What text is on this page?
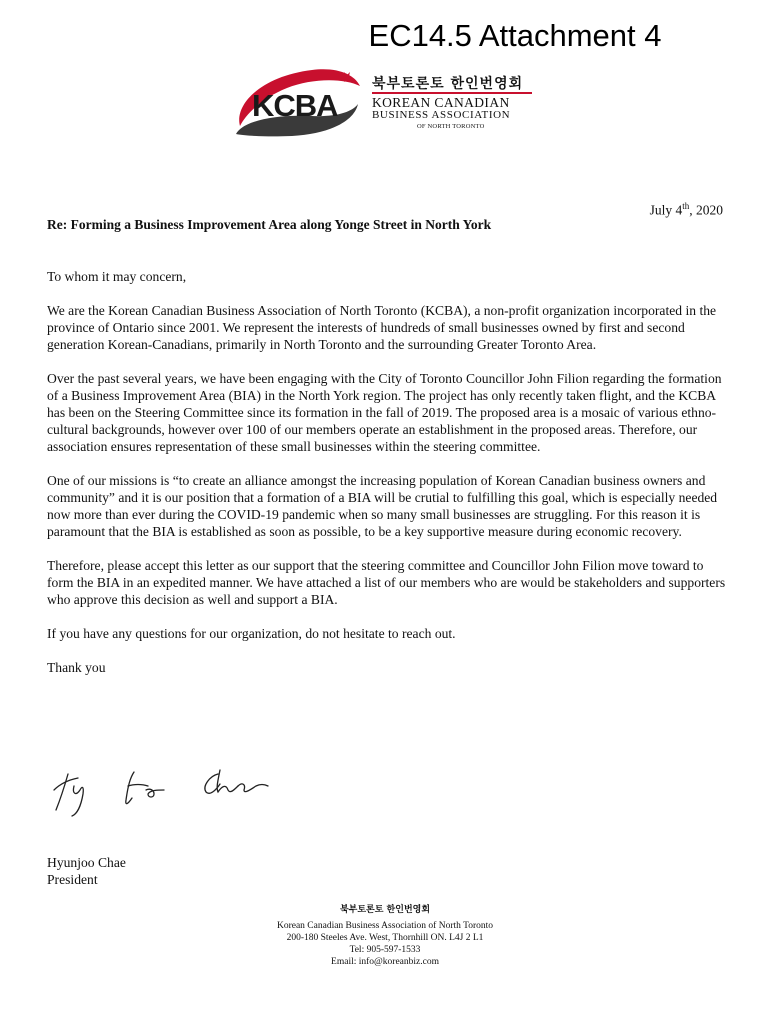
EC14.5 Attachment 4
KCBA
북부토론토 한인번영회
KOREAN CANADIAN
BUSINESS ASSOCIATION
OF NORTH TORONTO
July 4th, 2020
Re: Forming a Business Improvement Area along Yonge Street in North York

To whom it may concern,

We are the Korean Canadian Business Association of North Toronto (KCBA), a non-profit organization incorporated in the province of Ontario since 2001. We represent the interests of hundreds of small businesses owned by first and second generation Korean-Canadians, primarily in North Toronto and the surrounding Greater Toronto Area.

Over the past several years, we have been engaging with the City of Toronto Councillor John Filion regarding the formation of a Business Improvement Area (BIA) in the North York region. The project has only recently taken flight, and the KCBA has been on the Steering Committee since its formation in the fall of 2019. The proposed area is a mosaic of various ethno-cultural backgrounds, however over 100 of our members operate an establishment in the proposed areas. Therefore, our association ensures representation of these small businesses within the steering committee.

One of our missions is “to create an alliance amongst the increasing population of Korean Canadian business owners and community” and it is our position that a formation of a BIA will be crutial to fulfilling this goal, which is especially needed now more than ever during the COVID-19 pandemic when so many small businesses are struggling. For this reason it is paramount that the BIA is established as soon as possible, to be a key supportive measure during economic recovery.

Therefore, please accept this letter as our support that the steering committee and Councillor John Filion move toward to form the BIA in an expedited manner. We have attached a list of our members who are would be stakeholders and supporters who approve this decision as well and support a BIA.

If you have any questions for our organization, do not hesitate to reach out.

Thank you

Hyunjoo Chae
President
북부토론토 한인번영회
Korean Canadian Business Association of North Toronto
200-180 Steeles Ave. West, Thornhill ON. L4J 2 L1
Tel: 905-597-1533
Email: info@koreanbiz.com
